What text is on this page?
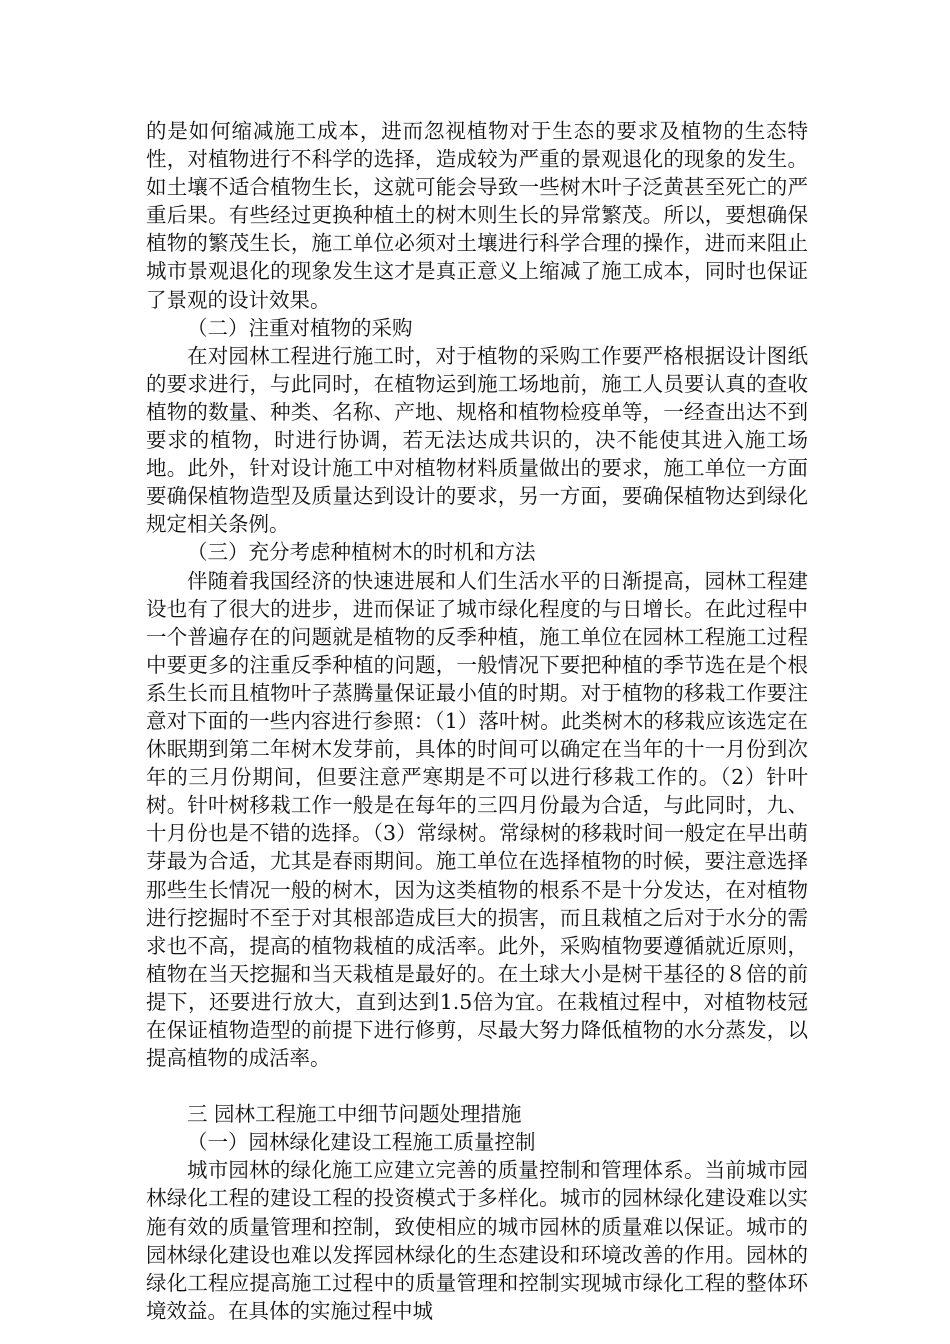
的是如何缩减施工成本，进而忽视植物对于生态的要求及植物的生态特性，对植物进行不科学的选择，造成较为严重的景观退化的现象的发生。如土壤不适合植物生长，这就可能会导致一些树木叶子泛黄甚至死亡的严重后果。有些经过更换种植土的树木则生长的异常繁茂。所以，要想确保植物的繁茂生长，施工单位必须对土壤进行科学合理的操作，进而来阻止城市景观退化的现象发生这才是真正意义上缩减了施工成本，同时也保证了景观的设计效果。

（二）注重对植物的采购

在对园林工程进行施工时，对于植物的采购工作要严格根据设计图纸的要求进行，与此同时，在植物运到施工场地前，施工人员要认真的查收植物的数量、种类、名称、产地、规格和植物检疫单等，一经查出达不到要求的植物，时进行协调，若无法达成共识的，决不能使其进入施工场地。此外，针对设计施工中对植物材料质量做出的要求，施工单位一方面要确保植物造型及质量达到设计的要求，另一方面，要确保植物达到绿化规定相关条例。

（三）充分考虑种植树木的时机和方法

伴随着我国经济的快速进展和人们生活水平的日渐提高，园林工程建设也有了很大的进步，进而保证了城市绿化程度的与日增长。在此过程中一个普遍存在的问题就是植物的反季种植，施工单位在园林工程施工过程中要更多的注重反季种植的问题，一般情况下要把种植的季节选在是个根系生长而且植物叶子蒸腾量保证最小值的时期。对于植物的移栽工作要注意对下面的一些内容进行参照：（1）落叶树。此类树木的移栽应该选定在休眠期到第二年树木发芽前，具体的时间可以确定在当年的十一月份到次年的三月份期间，但要注意严寒期是不可以进行移栽工作的。（2）针叶树。针叶树移栽工作一般是在每年的三四月份最为合适，与此同时，九、十月份也是不错的选择。（3）常绿树。常绿树的移栽时间一般定在早出萌芽最为合适，尤其是春雨期间。施工单位在选择植物的时候，要注意选择那些生长情况一般的树木，因为这类植物的根系不是十分发达，在对植物进行挖掘时不至于对其根部造成巨大的损害，而且栽植之后对于水分的需求也不高，提高的植物栽植的成活率。此外，采购植物要遵循就近原则，植物在当天挖掘和当天栽植是最好的。在土球大小是树干基径的８倍的前提下，还要进行放大，直到达到1.5倍为宜。在栽植过程中，对植物枝冠在保证植物造型的前提下进行修剪，尽最大努力降低植物的水分蒸发，以提高植物的成活率。

三 园林工程施工中细节问题处理措施

（一）园林绿化建设工程施工质量控制

城市园林的绿化施工应建立完善的质量控制和管理体系。当前城市园林绿化工程的建设工程的投资模式于多样化。城市的园林绿化建设难以实施有效的质量管理和控制，致使相应的城市园林的质量难以保证。城市的园林绿化建设也难以发挥园林绿化的生态建设和环境改善的作用。园林的绿化工程应提高施工过程中的质量管理和控制实现城市绿化工程的整体环境效益。在具体的实施过程中城
